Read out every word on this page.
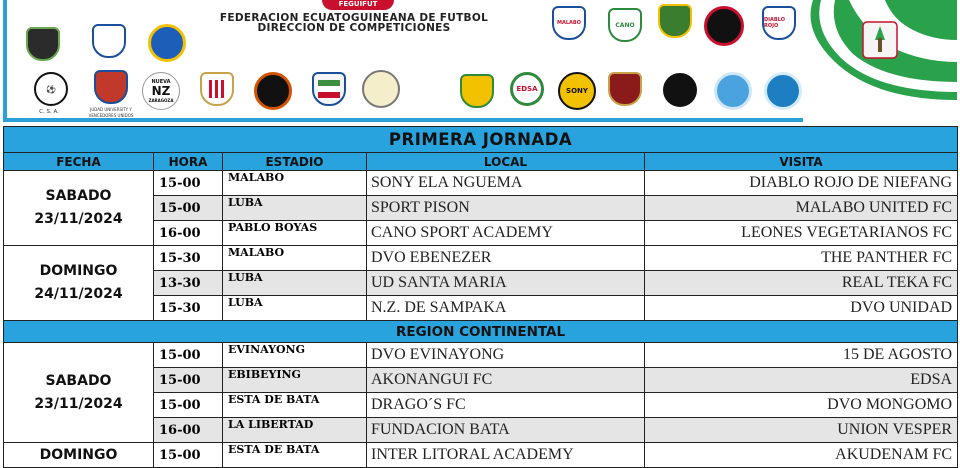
FEGUIFUT
FEDERACION ECUATOGUINEANA DE FUTBOL
DIRECCION DE COMPETICIONES
⚽
C. S. A.	JUDAD UNIVERSITY Y VENCEDORES UNIDOS
NUEVA
NZ
ZARAGOZA
MALABO	CANO
DIABLO ROJO
EDSA	SONY
PRIMERA JORNADA				
FECHA	HORA	ESTADIO	LOCAL	VISITA

SABADO
23/11/2024	15-00	MALABO	SONY ELA NGUEMA	DIABLO ROJO DE NIEFANG
	15-00	LUBA	SPORT PISON	MALABO UNITED FC
	16-00	PABLO BOYAS	CANO SPORT ACADEMY	LEONES VEGETARIANOS FC

DOMINGO
24/11/2024	15-30	MALABO	DVO EBENEZER	THE PANTHER FC
	13-30	LUBA	UD SANTA MARIA	REAL TEKA FC
	15-30	LUBA	N.Z. DE SAMPAKA	DVO UNIDAD
REGION CONTINENTAL				

SABADO
23/11/2024	15-00	EVINAYONG	DVO EVINAYONG	15 DE AGOSTO
	15-00	EBIBEYING	AKONANGUI FC	EDSA
	15-00	ESTA DE BATA	DRAGO´S FC	DVO MONGOMO
	16-00	LA LIBERTAD	FUNDACION BATA	UNION VESPER

DOMINGO	15-00	ESTA DE BATA	INTER LITORAL ACADEMY	AKUDENAM FC
